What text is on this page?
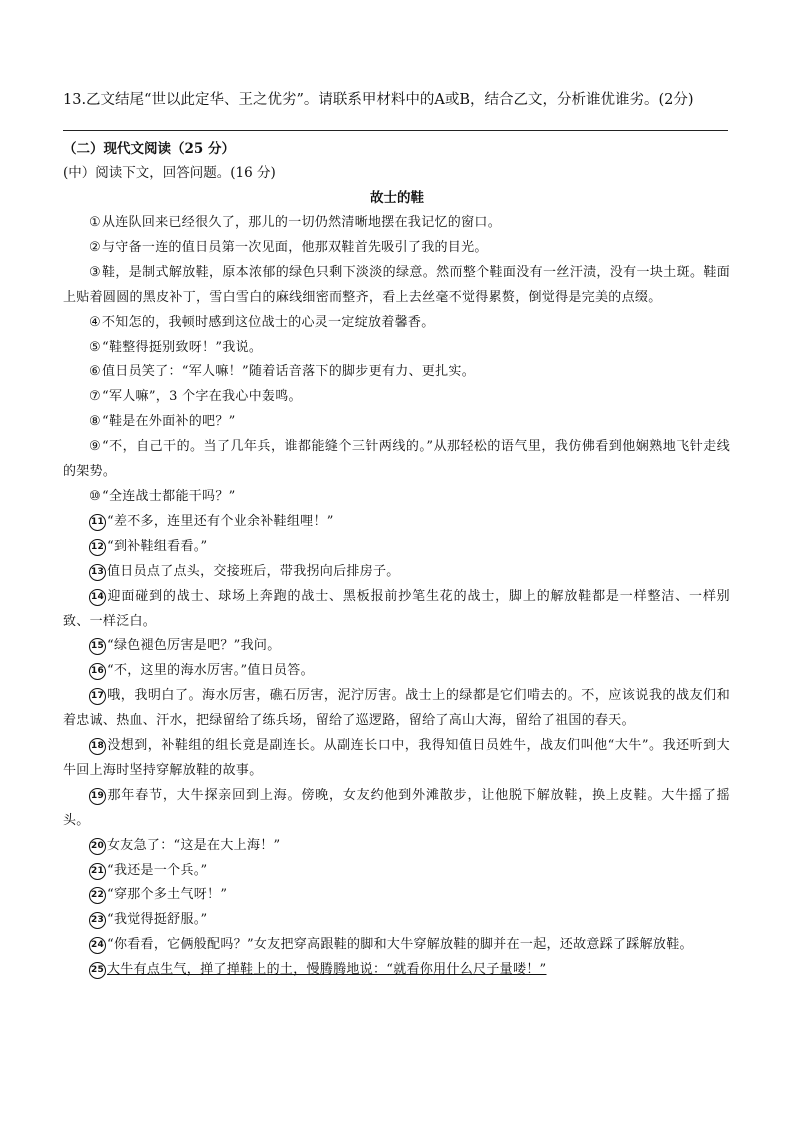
13.乙文结尾“世以此定华、王之优劣”。请联系甲材料中的A或B，结合乙文，分析谁优谁劣。(2分)
（二）现代文阅读（25 分）
(中）阅读下文，回答问题。(16 分)
故士的鞋

①从连队回来已经很久了，那儿的一切仍然清晰地摆在我记忆的窗口。

②与守备一连的值日员第一次见面，他那双鞋首先吸引了我的目光。

③鞋，是制式解放鞋，原本浓郁的绿色只剩下淡淡的绿意。然而整个鞋面没有一丝汗渍，没有一块土斑。鞋面上贴着圆圆的黑皮补丁，雪白雪白的麻线细密而整齐，看上去丝毫不觉得累赘，倒觉得是完美的点缀。

④不知怎的，我顿时感到这位战士的心灵一定绽放着馨香。

⑤“鞋整得挺别致呀！”我说。

⑥值日员笑了：“军人嘛！”随着话音落下的脚步更有力、更扎实。

⑦“军人嘛”，3 个字在我心中轰鸣。

⑧“鞋是在外面补的吧？”

⑨“不，自己干的。当了几年兵，谁都能缝个三针两线的。”从那轻松的语气里，我仿佛看到他娴熟地飞针走线的架势。

⑩“全连战士都能干吗？”

11 “差不多，连里还有个业余补鞋组哩！”

12 “到补鞋组看看。”

13 值日员点了点头，交接班后，带我拐向后排房子。

14 迎面碰到的战士、球场上奔跑的战士、黑板报前抄笔生花的战士，脚上的解放鞋都是一样整洁、一样别致、一样泛白。

15 “绿色褪色厉害是吧？”我问。

16 “不，这里的海水厉害。”值日员答。

17 哦，我明白了。海水厉害，礁石厉害，泥泞厉害。战士上的绿都是它们啃去的。不，应该说我的战友们和着忠诚、热血、汗水，把绿留给了练兵场，留给了巡逻路，留给了高山大海，留给了祖国的春天。

18 没想到，补鞋组的组长竟是副连长。从副连长口中，我得知值日员姓牛，战友们叫他“大牛”。我还听到大牛回上海时坚持穿解放鞋的故事。

19 那年春节，大牛探亲回到上海。傍晚，女友约他到外滩散步，让他脱下解放鞋，换上皮鞋。大牛摇了摇头。

20 女友急了：“这是在大上海！”

21 “我还是一个兵。”

22 “穿那个多土气呀！”

23 “我觉得挺舒服。”

24 “你看看，它俩般配吗？”女友把穿高跟鞋的脚和大牛穿解放鞋的脚并在一起，还故意踩了踩解放鞋。

25 大牛有点生气，掸了掸鞋上的土，慢腾腾地说：“就看你用什么尺子量喽！”
